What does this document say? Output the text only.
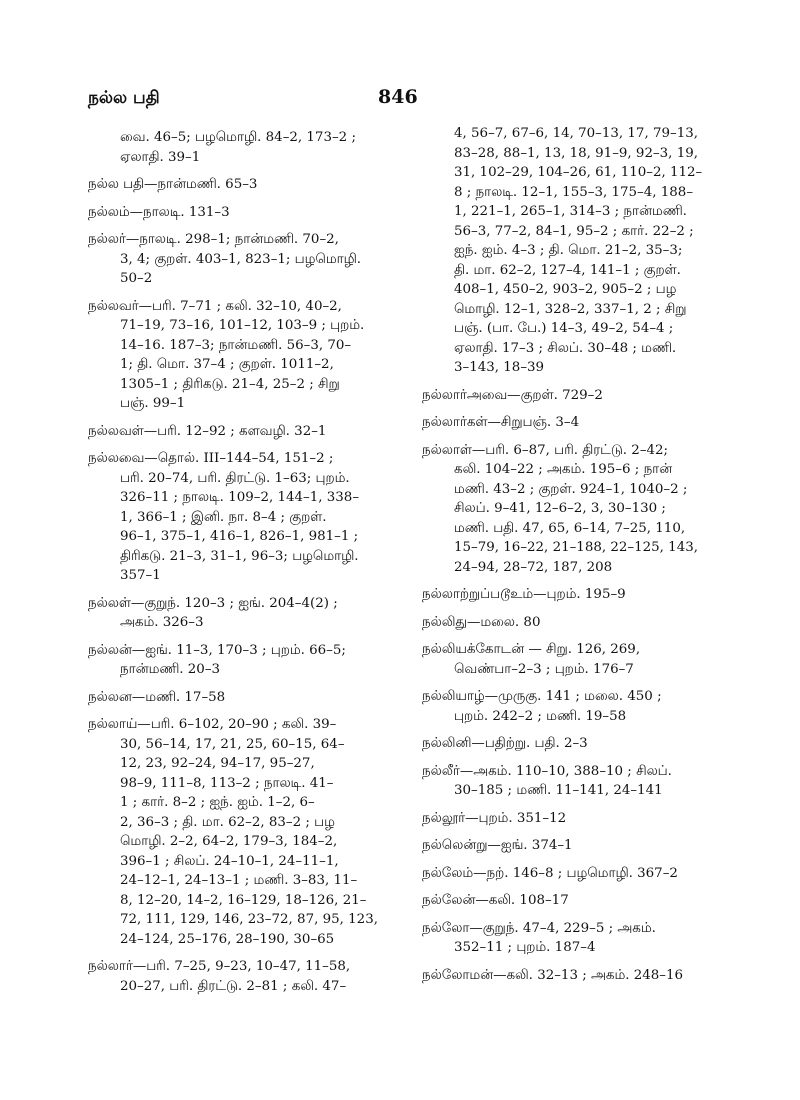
நல்ல பதி	846
வை. 46–5; பழமொழி. 84–2, 173–2 ;
ஏலாதி. 39–1
நல்ல பதி—நான்மணி. 65–3
நல்லம்—நாலடி. 131–3
நல்லர்—நாலடி. 298–1; நான்மணி. 70–2,
3, 4; குறள். 403–1, 823–1; பழமொழி.
50–2
நல்லவர்—பரி. 7–71 ; கலி. 32–10, 40–2,
71–19, 73–16, 101–12, 103–9 ; புறம்.
14–16. 187–3; நான்மணி. 56–3, 70–
1; தி. மொ. 37–4 ; குறள். 1011–2,
1305–1 ; திரிகடு. 21–4, 25–2 ; சிறு
பஞ். 99–1
நல்லவள்—பரி. 12–92 ; களவழி. 32–1
நல்லவை—தொல். III–144–54, 151–2 ;
பரி. 20–74, பரி. திரட்டு. 1–63; புறம்.
326–11 ; நாலடி. 109–2, 144–1, 338–
1, 366–1 ; இனி. நா. 8–4 ; குறள்.
96–1, 375–1, 416–1, 826–1, 981–1 ;
திரிகடு. 21–3, 31–1, 96–3; பழமொழி.
357–1
நல்லள்—குறுந். 120–3 ; ஐங். 204–4(2) ;
அகம். 326–3
நல்லன்—ஐங். 11–3, 170–3 ; புறம். 66–5;
நான்மணி. 20–3
நல்லன—மணி. 17–58
நல்லாய்—பரி. 6–102, 20–90 ; கலி. 39–
30, 56–14, 17, 21, 25, 60–15, 64–
12, 23, 92–24, 94–17, 95–27,
98–9, 111–8, 113–2 ; நாலடி. 41–
1 ; கார். 8–2 ; ஐந். ஐம். 1–2, 6–
2, 36–3 ; தி. மா. 62–2, 83–2 ; பழ
மொழி. 2–2, 64–2, 179–3, 184–2,
396–1 ; சிலப். 24–10–1, 24–11–1,
24–12–1, 24–13–1 ; மணி. 3–83, 11–
8, 12–20, 14–2, 16–129, 18–126, 21–
72, 111, 129, 146, 23–72, 87, 95, 123,
24–124, 25–176, 28–190, 30–65
நல்லார்—பரி. 7–25, 9–23, 10–47, 11–58,
20–27, பரி. திரட்டு. 2–81 ; கலி. 47–
4, 56–7, 67–6, 14, 70–13, 17, 79–13,
83–28, 88–1, 13, 18, 91–9, 92–3, 19,
31, 102–29, 104–26, 61, 110–2, 112–
8 ; நாலடி. 12–1, 155–3, 175–4, 188–
1, 221–1, 265–1, 314–3 ; நான்மணி.
56–3, 77–2, 84–1, 95–2 ; கார். 22–2 ;
ஐந். ஐம். 4–3 ; தி. மொ. 21–2, 35–3;
தி. மா. 62–2, 127–4, 141–1 ; குறள்.
408–1, 450–2, 903–2, 905–2 ; பழ
மொழி. 12–1, 328–2, 337–1, 2 ; சிறு
பஞ். (பா. பே.) 14–3, 49–2, 54–4 ;
ஏலாதி. 17–3 ; சிலப். 30–48 ; மணி.
3–143, 18–39
நல்லார்அவை—குறள். 729–2
நல்லார்கள்—சிறுபஞ். 3–4
நல்லாள்—பரி. 6–87, பரி. திரட்டு. 2–42;
கலி. 104–22 ; அகம். 195–6 ; நான்
மணி. 43–2 ; குறள். 924–1, 1040–2 ;
சிலப். 9–41, 12–6–2, 3, 30–130 ;
மணி. பதி. 47, 65, 6–14, 7–25, 110,
15–79, 16–22, 21–188, 22–125, 143,
24–94, 28–72, 187, 208
நல்லாற்றுப்படூஉம்—புறம். 195–9
நல்லிது—மலை. 80
நல்லியக்கோடன் — சிறு. 126, 269,
வெண்பா–2–3 ; புறம். 176–7
நல்லியாழ்—முருகு. 141 ; மலை. 450 ;
புறம். 242–2 ; மணி. 19–58
நல்லினி—பதிற்று. பதி. 2–3
நல்லீர்—அகம். 110–10, 388–10 ; சிலப்.
30–185 ; மணி. 11–141, 24–141
நல்லூர்—புறம். 351–12
நல்லென்று—ஐங். 374–1
நல்லேம்—நற். 146–8 ; பழமொழி. 367–2
நல்லேன்—கலி. 108–17
நல்லோ—குறுந். 47–4, 229–5 ; அகம்.
352–11 ; புறம். 187–4
நல்லோமன்—கலி. 32–13 ; அகம். 248–16
